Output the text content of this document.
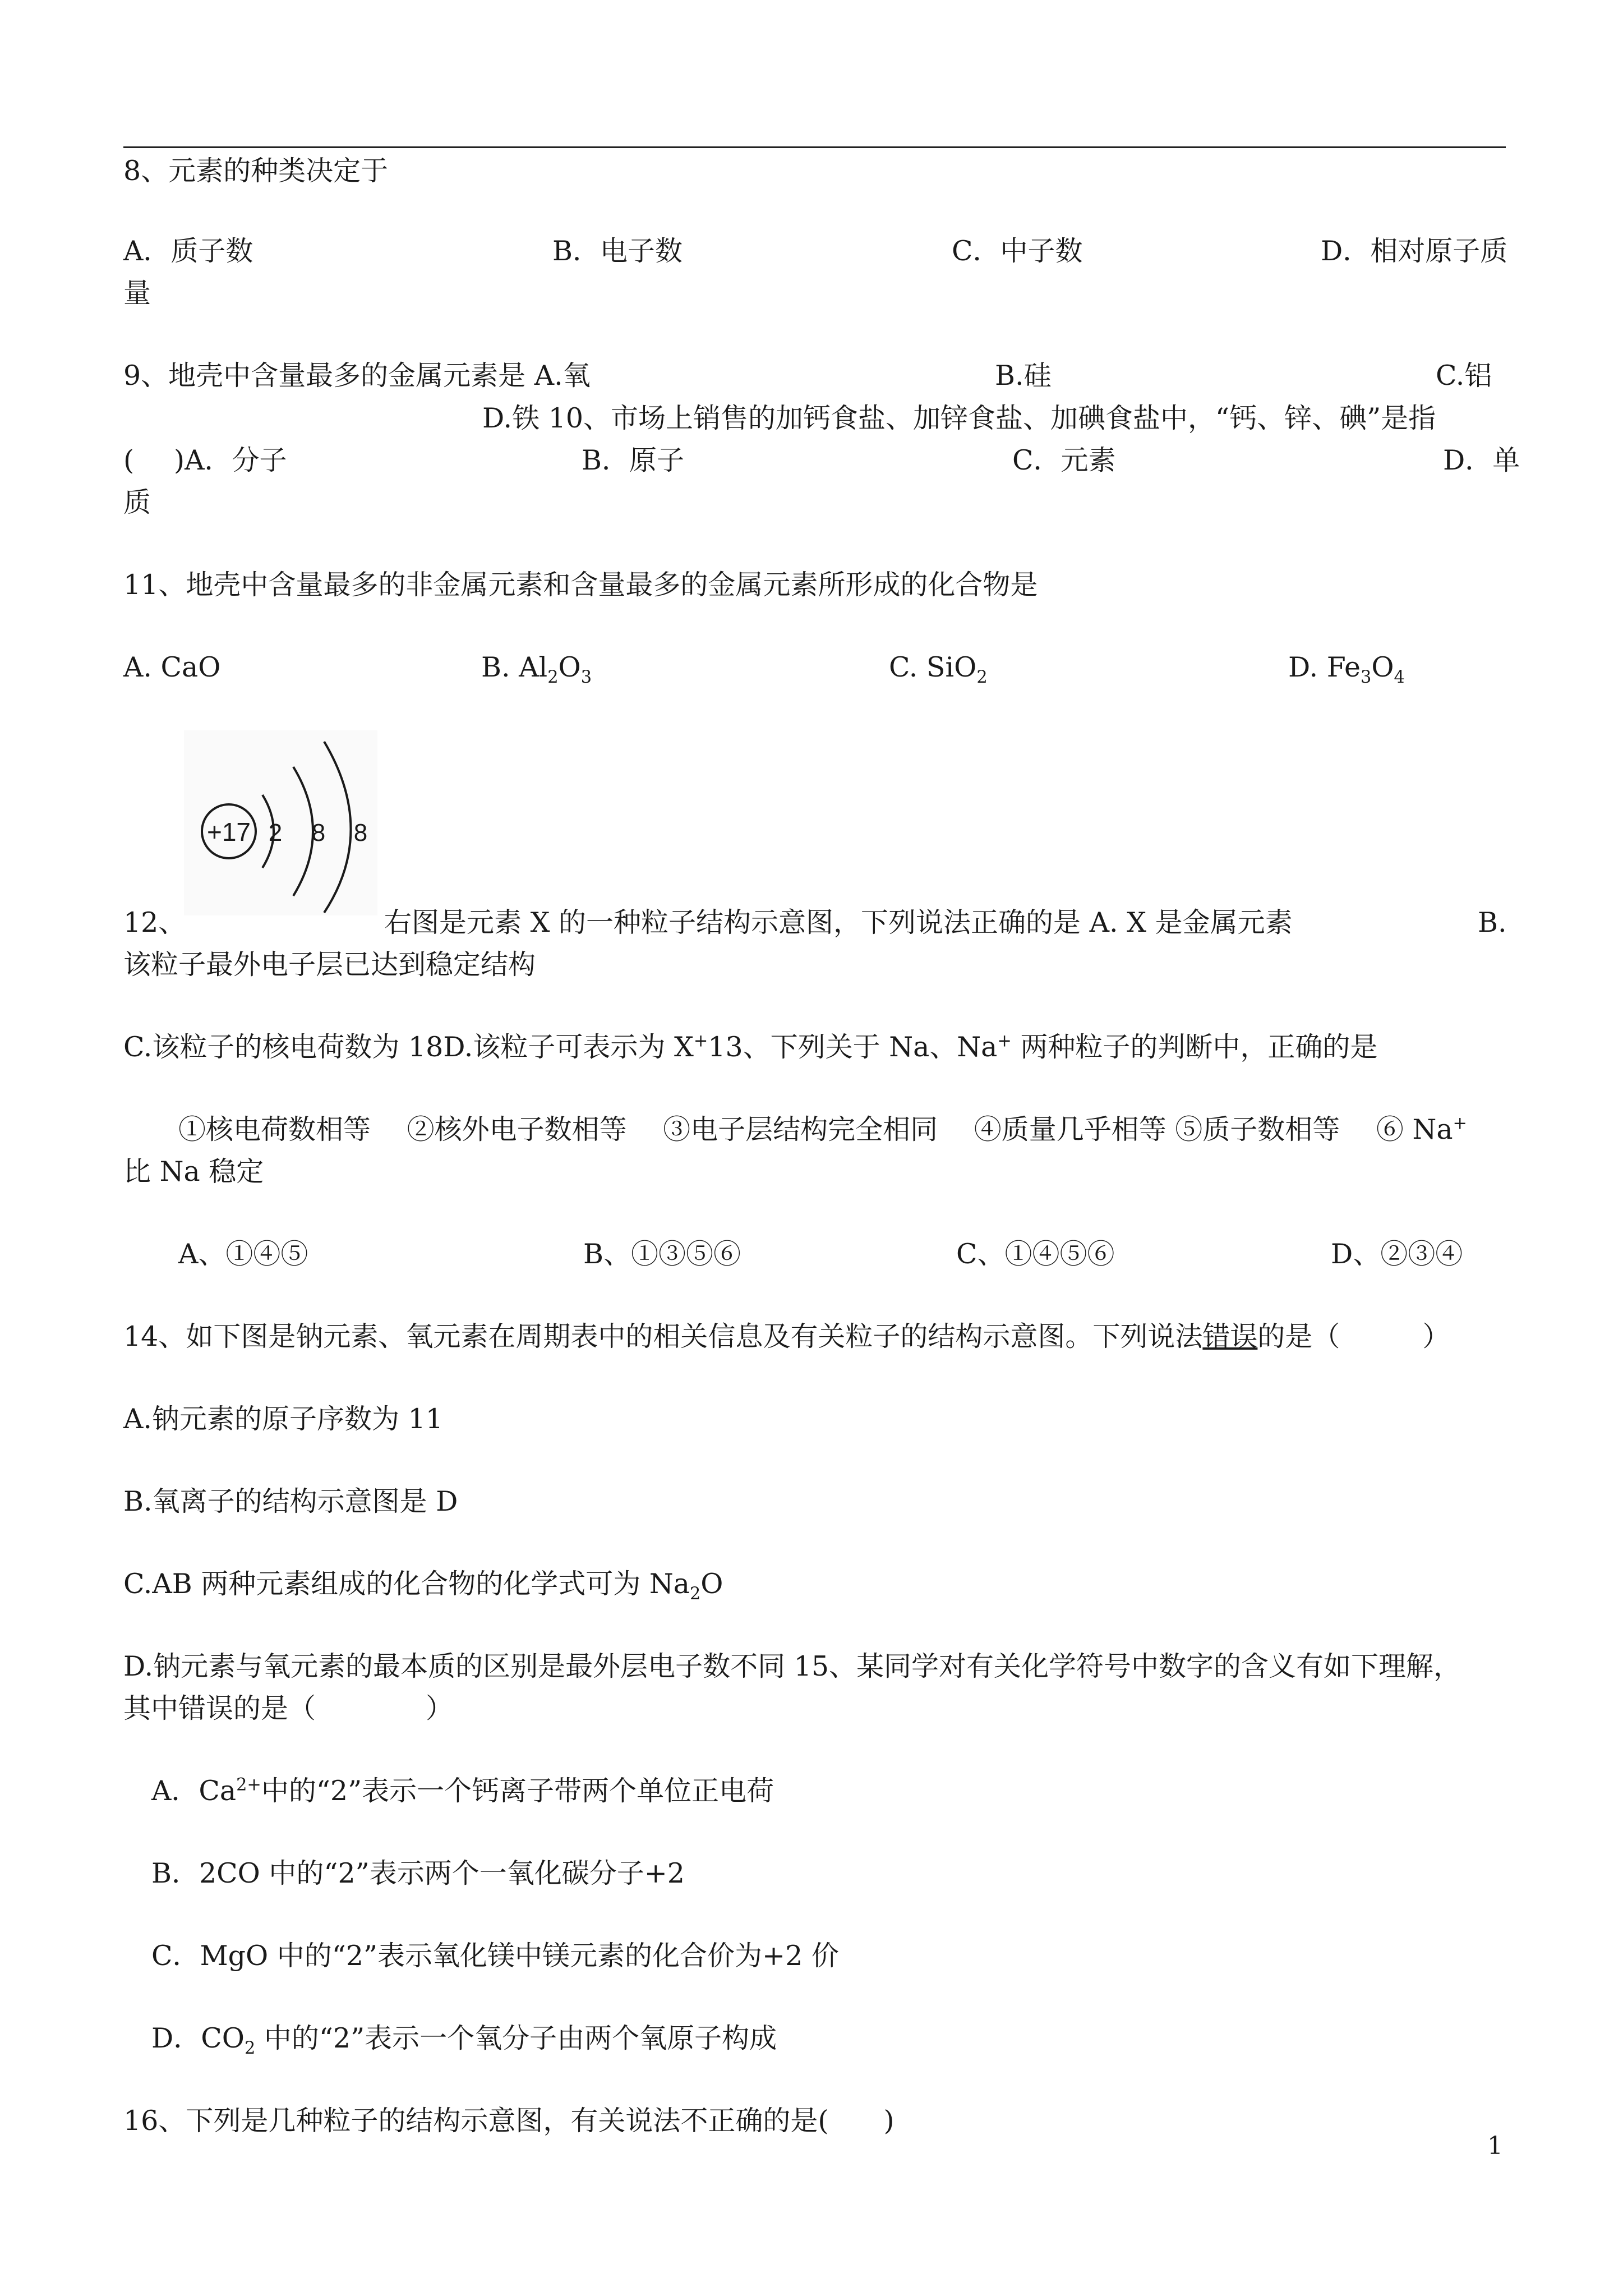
8、元素的种类决定于
A．质子数	B．电子数	C．中子数	D．相对原子质
量
9、地壳中含量最多的金属元素是 A.氧	B.硅	C.铝
D.铁 10、市场上销售的加钙食盐、加锌食盐、加碘食盐中，“钙、锌、碘”是指
( )A．分子	B．原子	C．元素	D．单
质
11、地壳中含量最多的非金属元素和含量最多的金属元素所形成的化合物是
A. CaO	B. $Al_2O_3$	C. SiO$_2$	D. $Fe_3O_4$
+17 2 8 8
12、	右图是元素 X 的一种粒子结构示意图，下列说法正确的是 A. X 是金属元素	B.
该粒子最外电子层已达到稳定结构
C.该粒子的核电荷数为 18D.该粒子可表示为 X+13、下列关于 Na、Na+ 两种粒子的判断中，正确的是
①核电荷数相等　 ②核外电子数相等　 ③电子层结构完全相同　 ④质量几乎相等 ⑤质子数相等　 ⑥ Na+
比 Na 稳定
A、①④⑤	B、①③⑤⑥	C、①④⑤⑥	D、②③④
14、如下图是钠元素、氧元素在周期表中的相关信息及有关粒子的结构示意图。下列说法错误的是（　　　）
A.钠元素的原子序数为 11
B.氧离子的结构示意图是 D
C.AB 两种元素组成的化合物的化学式可为 $Na_2O$
D.钠元素与氧元素的最本质的区别是最外层电子数不同 15、某同学对有关化学符号中数字的含义有如下理解，
其中错误的是（　　　　）
A．$Ca^{2+}$中的“2”表示一个钙离子带两个单位正电荷
B．2CO 中的“2”表示两个一氧化碳分子+2
C．MgO 中的“2”表示氧化镁中镁元素的化合价为+2 价
D．$CO_2$ 中的“2”表示一个氧分子由两个氧原子构成
16、下列是几种粒子的结构示意图，有关说法不正确的是(　　)
1
